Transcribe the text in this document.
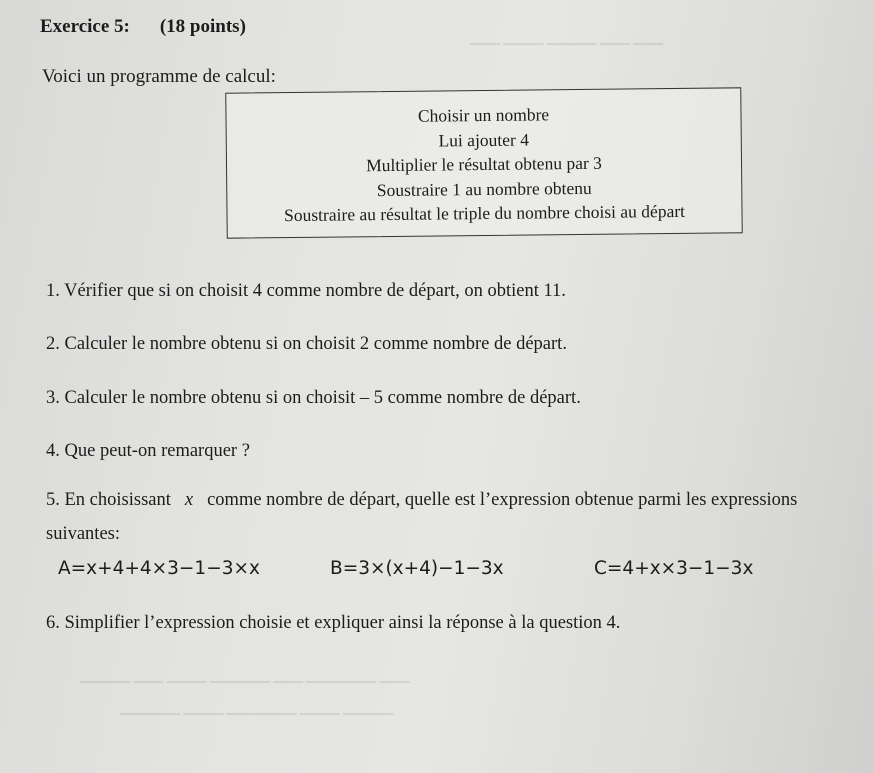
▁▁▁ ▁▁▁▁ ▁▁▁▁▁ ▁▁▁ ▁▁▁
▁▁▁▁▁ ▁▁▁ ▁▁▁▁ ▁▁▁▁▁▁ ▁▁▁ ▁▁▁▁▁▁▁ ▁▁▁
▁▁▁▁▁▁ ▁▁▁▁ ▁▁▁▁▁▁▁ ▁▁▁▁ ▁▁▁▁▁
Exercice 5: (18 points)
Voici un programme de calcul:
Choisir un nombre
Lui ajouter 4
Multiplier le résultat obtenu par 3
Soustraire 1 au nombre obtenu
Soustraire au résultat le triple du nombre choisi au départ
1. Vérifier que si on choisit 4 comme nombre de départ, on obtient 11.
2. Calculer le nombre obtenu si on choisit 2 comme nombre de départ.
3. Calculer le nombre obtenu si on choisit – 5 comme nombre de départ.
4. Que peut-on remarquer ?
5. En choisissant x comme nombre de départ, quelle est l’expression obtenue parmi les expressions suivantes:
A=x+4+4×3−1−3×x	B=3×(x+4)−1−3x	C=4+x×3−1−3x
6. Simplifier l’expression choisie et expliquer ainsi la réponse à la question 4.
